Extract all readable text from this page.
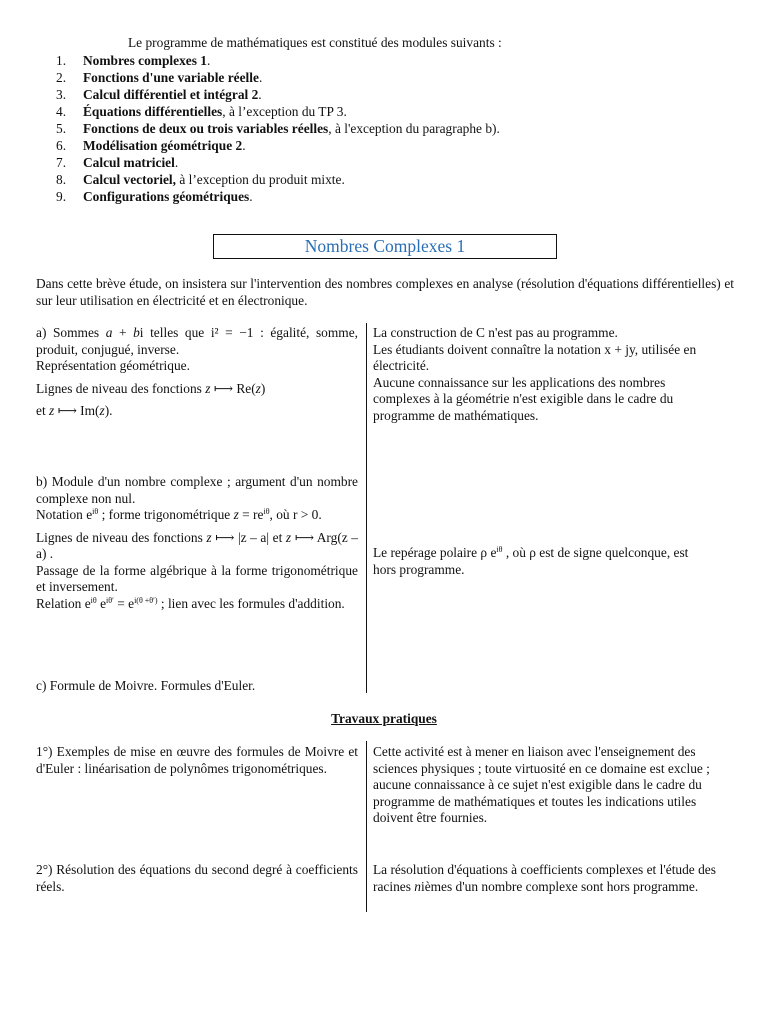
Le programme de mathématiques est constitué des modules suivants :
1. Nombres complexes 1.
2. Fonctions d'une variable réelle.
3. Calcul différentiel et intégral 2.
4. Équations différentielles, à l’exception du TP 3.
5. Fonctions de deux ou trois variables réelles, à l'exception du paragraphe b).
6. Modélisation géométrique 2.
7. Calcul matriciel.
8. Calcul vectoriel, à l’exception du produit mixte.
9. Configurations géométriques.
Nombres Complexes 1
Dans cette brève étude, on insistera sur l'intervention des nombres complexes en analyse (résolution d'équations différentielles) et sur leur utilisation en électricité et en électronique.

a) Sommes a + bi telles que i² = −1 : égalité, somme, produit, conjugué, inverse.

Représentation géométrique.

Lignes de niveau des fonctions z ⟼ Re(z)

et z ⟼ Im(z).

La construction de C n'est pas au programme.

Les étudiants doivent connaître la notation x + jy, utilisée en

électricité.

Aucune connaissance sur les applications des nombres complexes à la géométrie n'est exigible dans le cadre du programme de mathématiques.

b) Module d'un nombre complexe ; argument d'un nombre complexe non nul.

Notation $e^{i\theta}$ ; forme trigonométrique $z = re^{i\theta}$, où r > 0.

Lignes de niveau des fonctions z ⟼ |z – a| et z ⟼ Arg(z – a) .

Passage de la forme algébrique à la forme trigonométrique et inversement.

Relation $e^{i\theta}$ $e^{i\theta'} = e^{i(\theta +\theta')}$ ; lien avec les formules d'addition.

Le repérage polaire ρ $e^{i\theta}$ , où ρ est de signe quelconque, est

hors programme.

c) Formule de Moivre. Formules d'Euler.
Travaux pratiques
1°) Exemples de mise en œuvre des formules de Moivre et d'Euler : linéarisation de polynômes trigonométriques.
Cette activité est à mener en liaison avec l'enseignement des sciences physiques ; toute virtuosité en ce domaine est exclue ; aucune connaissance à ce sujet n'est exigible dans le cadre du programme de mathématiques et toutes les indications utiles doivent être fournies.
2°) Résolution des équations du second degré à coefficients réels.
La résolution d'équations à coefficients complexes et l'étude des racines nièmes d'un nombre complexe sont hors programme.
